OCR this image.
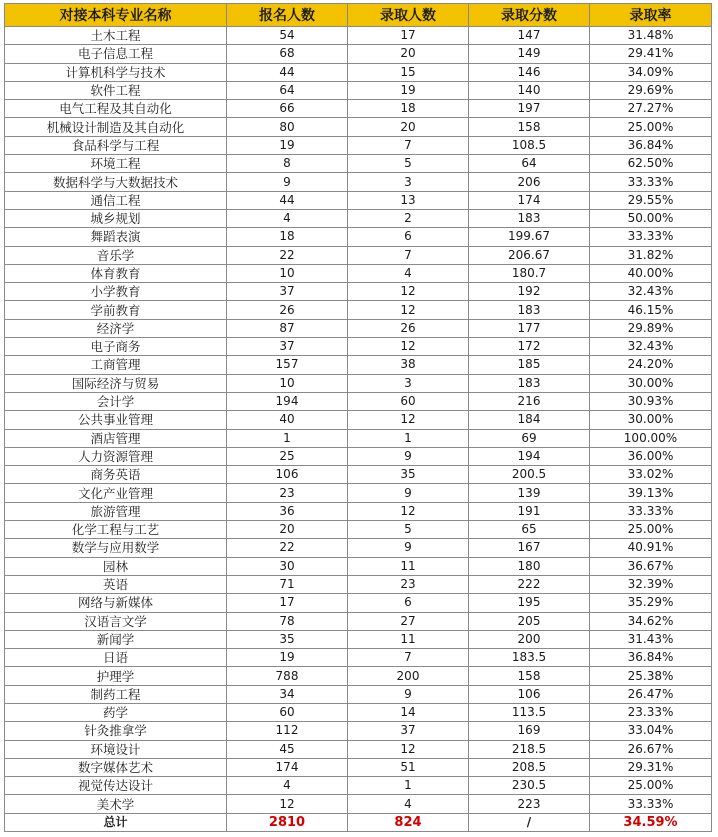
对接本科专业名称	报名人数	录取人数	录取分数	录取率
土木工程	54	17	147	31.48%
电子信息工程	68	20	149	29.41%
计算机科学与技术	44	15	146	34.09%
软件工程	64	19	140	29.69%
电气工程及其自动化	66	18	197	27.27%
机械设计制造及其自动化	80	20	158	25.00%
食品科学与工程	19	7	108.5	36.84%
环境工程	8	5	64	62.50%
数据科学与大数据技术	9	3	206	33.33%
通信工程	44	13	174	29.55%
城乡规划	4	2	183	50.00%
舞蹈表演	18	6	199.67	33.33%
音乐学	22	7	206.67	31.82%
体育教育	10	4	180.7	40.00%
小学教育	37	12	192	32.43%
学前教育	26	12	183	46.15%
经济学	87	26	177	29.89%
电子商务	37	12	172	32.43%
工商管理	157	38	185	24.20%
国际经济与贸易	10	3	183	30.00%
会计学	194	60	216	30.93%
公共事业管理	40	12	184	30.00%
酒店管理	1	1	69	100.00%
人力资源管理	25	9	194	36.00%
商务英语	106	35	200.5	33.02%
文化产业管理	23	9	139	39.13%
旅游管理	36	12	191	33.33%
化学工程与工艺	20	5	65	25.00%
数学与应用数学	22	9	167	40.91%
园林	30	11	180	36.67%
英语	71	23	222	32.39%
网络与新媒体	17	6	195	35.29%
汉语言文学	78	27	205	34.62%
新闻学	35	11	200	31.43%
日语	19	7	183.5	36.84%
护理学	788	200	158	25.38%
制药工程	34	9	106	26.47%
药学	60	14	113.5	23.33%
针灸推拿学	112	37	169	33.04%
环境设计	45	12	218.5	26.67%
数字媒体艺术	174	51	208.5	29.31%
视觉传达设计	4	1	230.5	25.00%
美术学	12	4	223	33.33%
总计	2810	824	/	34.59%
